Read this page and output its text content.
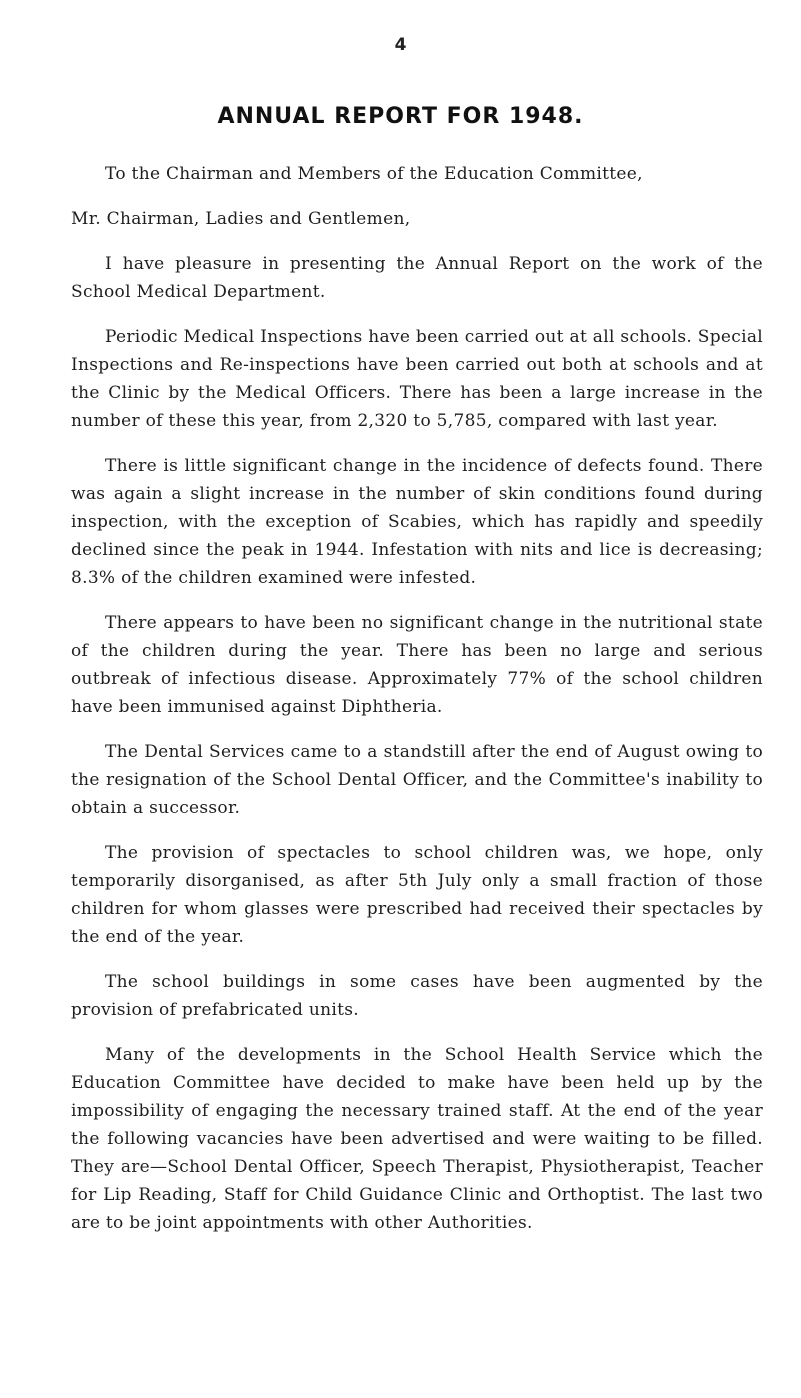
4
ANNUAL REPORT FOR 1948.

To the Chairman and Members of the Education Committee,

Mr. Chairman, Ladies and Gentlemen,

I have pleasure in presenting the Annual Report on the work of the School Medical Department.

Periodic Medical Inspections have been carried out at all schools. Special Inspections and Re-inspections have been carried out both at schools and at the Clinic by the Medical Officers. There has been a large increase in the number of these this year, from 2,320 to 5,785, compared with last year.

There is little significant change in the incidence of defects found. There was again a slight increase in the number of skin conditions found during inspection, with the exception of Scabies, which has rapidly and speedily declined since the peak in 1944. Infestation with nits and lice is decreasing; 8.3% of the children examined were infested.

There appears to have been no significant change in the nutritional state of the children during the year. There has been no large and serious outbreak of infectious disease. Approximately 77% of the school children have been immunised against Diphtheria.

The Dental Services came to a standstill after the end of August owing to the resignation of the School Dental Officer, and the Committee's inability to obtain a successor.

The provision of spectacles to school children was, we hope, only temporarily disorganised, as after 5th July only a small fraction of those children for whom glasses were prescribed had received their spectacles by the end of the year.

The school buildings in some cases have been augmented by the provision of prefabricated units.

Many of the developments in the School Health Service which the Education Committee have decided to make have been held up by the impossibility of engaging the necessary trained staff. At the end of the year the following vacancies have been advertised and were waiting to be filled. They are—School Dental Officer, Speech Therapist, Physiotherapist, Teacher for Lip Reading, Staff for Child Guidance Clinic and Orthoptist. The last two are to be joint appointments with other Authorities.
